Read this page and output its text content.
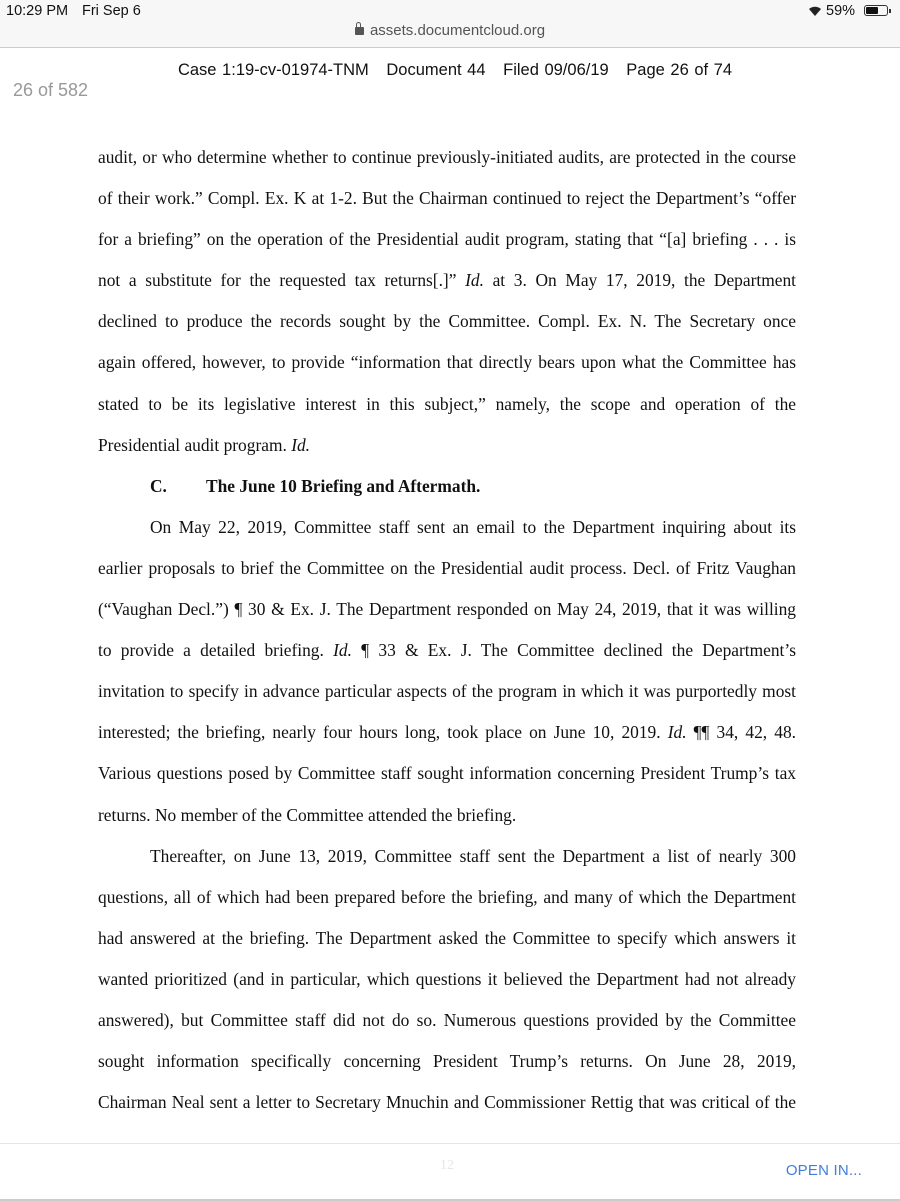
10:29 PM Fri Sep 6	59%
assets.documentcloud.org
Case 1:19-cv-01974-TNM Document 44 Filed 09/06/19 Page 26 of 74
26 of 582
audit, or who determine whether to continue previously-initiated audits, are protected in the course
of their work.” Compl. Ex. K at 1-2. But the Chairman continued to reject the Department’s “offer
for a briefing” on the operation of the Presidential audit program, stating that “[a] briefing . . . is
not a substitute for the requested tax returns[.]” Id. at 3. On May 17, 2019, the Department
declined to produce the records sought by the Committee. Compl. Ex. N. The Secretary once
again offered, however, to provide “information that directly bears upon what the Committee has
stated to be its legislative interest in this subject,” namely, the scope and operation of the
Presidential audit program. Id.
C. The June 10 Briefing and Aftermath.
On May 22, 2019, Committee staff sent an email to the Department inquiring about its
earlier proposals to brief the Committee on the Presidential audit process. Decl. of Fritz Vaughan
(“Vaughan Decl.”) ¶ 30 & Ex. J. The Department responded on May 24, 2019, that it was willing
to provide a detailed briefing. Id. ¶ 33 & Ex. J. The Committee declined the Department’s
invitation to specify in advance particular aspects of the program in which it was purportedly most
interested; the briefing, nearly four hours long, took place on June 10, 2019. Id. ¶¶ 34, 42, 48.
Various questions posed by Committee staff sought information concerning President Trump’s tax
returns. No member of the Committee attended the briefing.
Thereafter, on June 13, 2019, Committee staff sent the Department a list of nearly 300
questions, all of which had been prepared before the briefing, and many of which the Department
had answered at the briefing. The Department asked the Committee to specify which answers it
wanted prioritized (and in particular, which questions it believed the Department had not already
answered), but Committee staff did not do so. Numerous questions provided by the Committee
sought information specifically concerning President Trump’s returns. On June 28, 2019,
Chairman Neal sent a letter to Secretary Mnuchin and Commissioner Rettig that was critical of the
12	OPEN IN...
